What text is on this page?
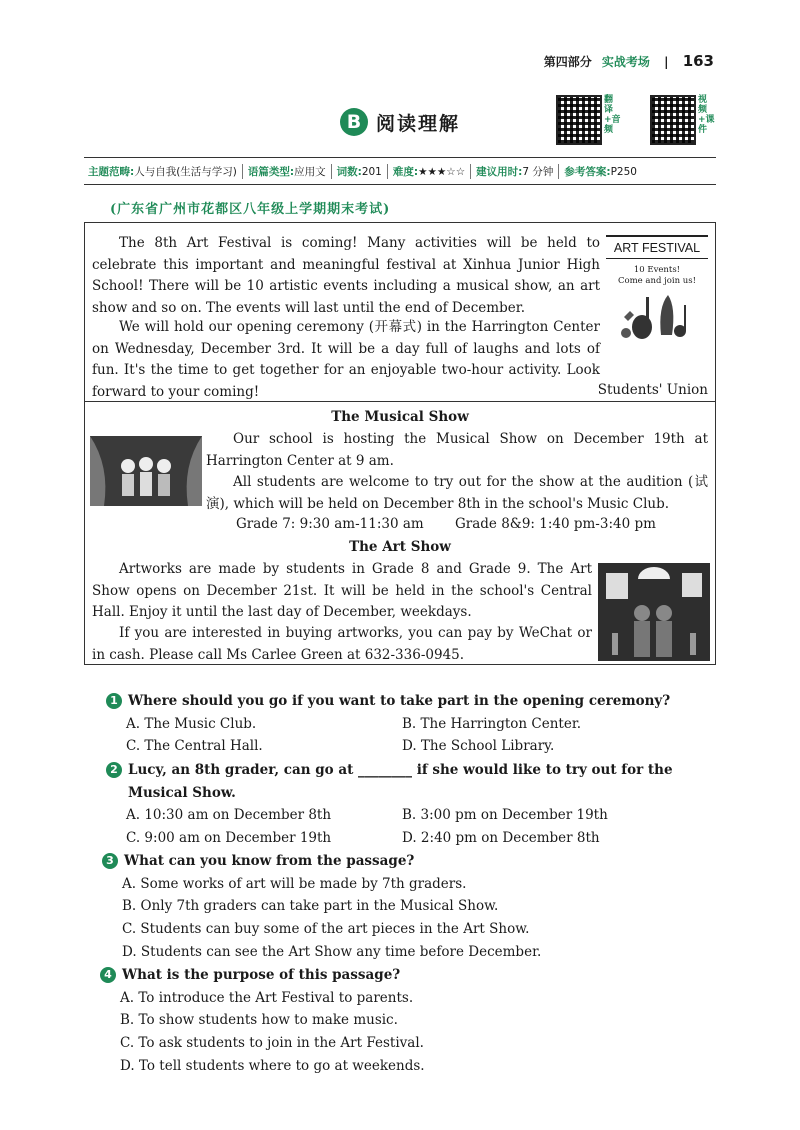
第四部分 实战考场 | 163
B 阅读理解
翻译+音频
视频+课件
主题范畴:人与自我(生活与学习)	语篇类型:应用文	词数:201	难度:★★★☆☆	建议用时:7 分钟	参考答案:P250
(广东省广州市花都区八年级上学期期末考试)
The 8th Art Festival is coming! Many activities will be held to celebrate this important and meaningful festival at Xinhua Junior High School! There will be 10 artistic events including a musical show, an art show and so on. The events will last until the end of December.
We will hold our opening ceremony (开幕式) in the Harrington Center on Wednesday, December 3rd. It will be a day full of laughs and lots of fun. It's the time to get together for an enjoyable two-hour activity. Look forward to your coming!	Students' Union
ART FESTIVAL
10 Events!
Come and join us!
The Musical Show
Our school is hosting the Musical Show on December 19th at Harrington Center at 9 am.
All students are welcome to try out for the show at the audition (试演), which will be held on December 8th in the school's Music Club.
Grade 7: 9:30 am-11:30 am Grade 8&9: 1:40 pm-3:40 pm
The Art Show
Artworks are made by students in Grade 8 and Grade 9. The Art Show opens on December 21st. It will be held in the school's Central Hall. Enjoy it until the last day of December, weekdays.
If you are interested in buying artworks, you can pay by WeChat or in cash. Please call Ms Carlee Green at 632-336-0945.
1 Where should you go if you want to take part in the opening ceremony?
A. The Music Club.	B. The Harrington Center.
C. The Central Hall.	D. The School Library.
2 Lucy, an 8th grader, can go at ________ if she would like to try out for the Musical Show.
A. 10:30 am on December 8th	B. 3:00 pm on December 19th
C. 9:00 am on December 19th	D. 2:40 pm on December 8th
3 What can you know from the passage?
A. Some works of art will be made by 7th graders.
B. Only 7th graders can take part in the Musical Show.
C. Students can buy some of the art pieces in the Art Show.
D. Students can see the Art Show any time before December.
4 What is the purpose of this passage?
A. To introduce the Art Festival to parents.
B. To show students how to make music.
C. To ask students to join in the Art Festival.
D. To tell students where to go at weekends.
